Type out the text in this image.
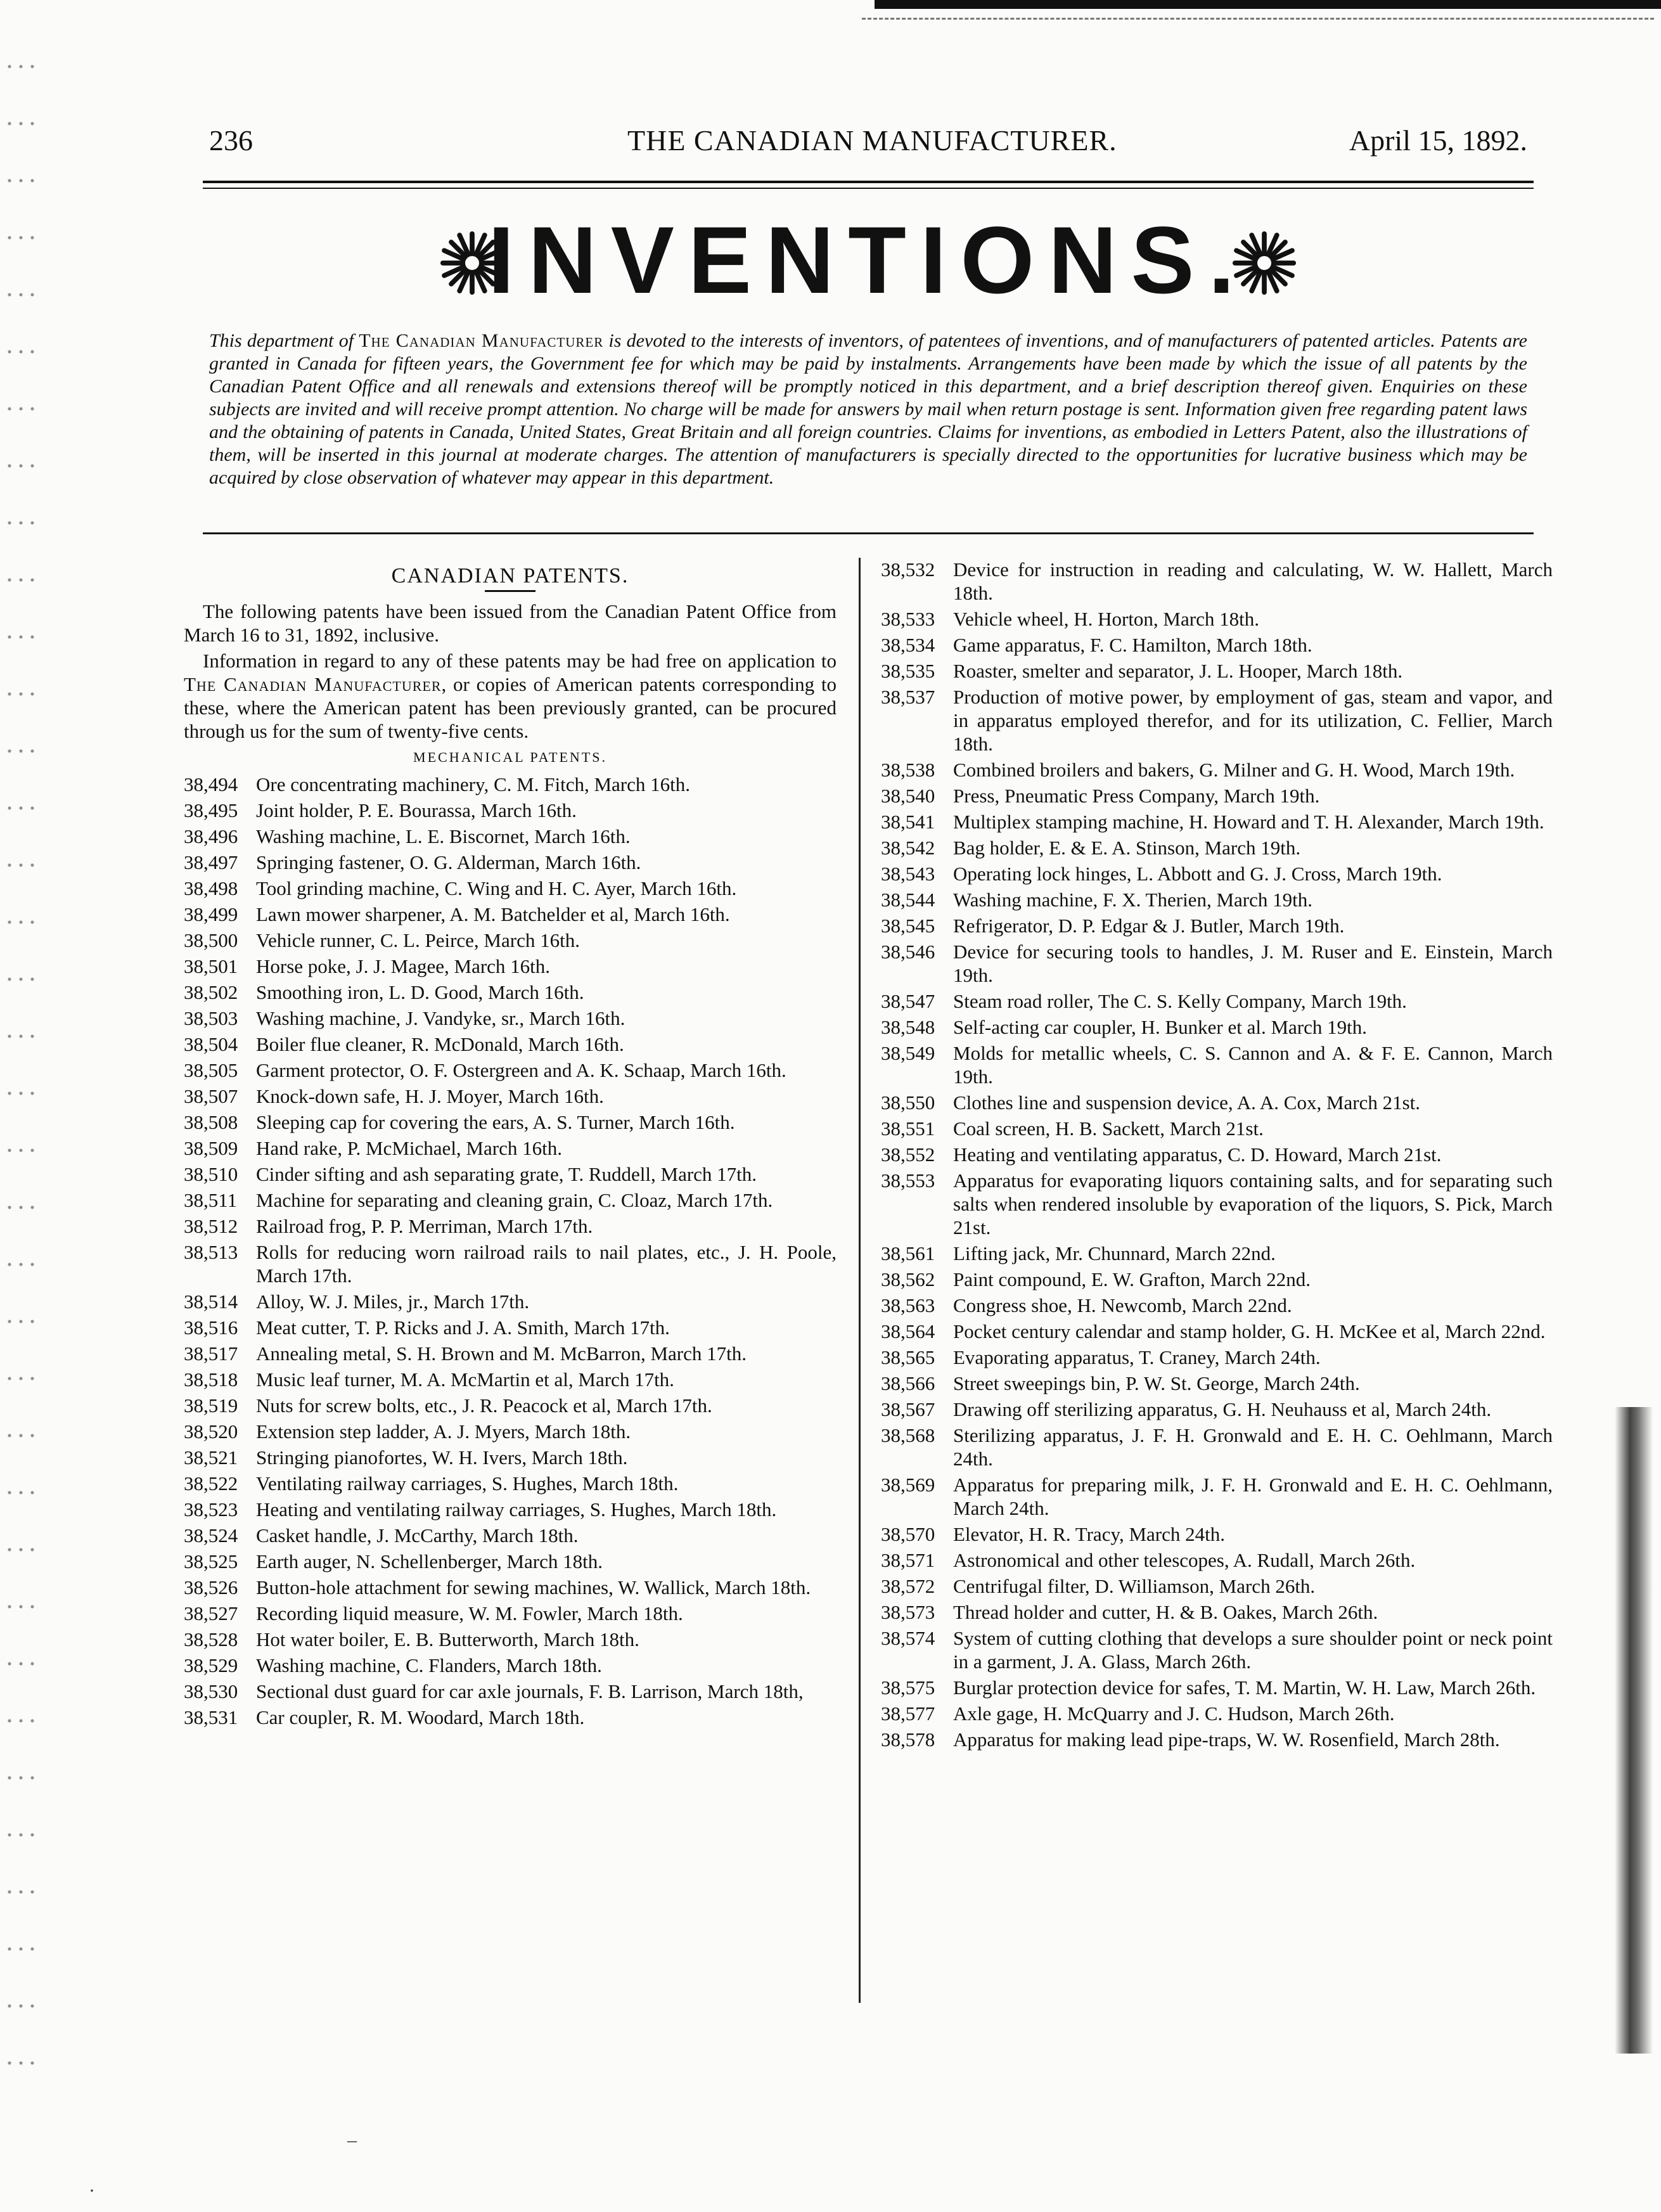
236	THE CANADIAN MANUFACTURER.	April 15, 1892.
INVENTIONS.

This department of The Canadian Manufacturer is devoted to the interests of inventors, of patentees of inventions, and of manufacturers of patented articles. Patents are granted in Canada for fifteen years, the Government fee for which may be paid by instalments. Arrangements have been made by which the issue of all patents by the Canadian Patent Office and all renewals and extensions thereof will be promptly noticed in this department, and a brief description thereof given. Enquiries on these subjects are invited and will receive prompt attention. No charge will be made for answers by mail when return postage is sent. Information given free regarding patent laws and the obtaining of patents in Canada, United States, Great Britain and all foreign countries. Claims for inventions, as embodied in Letters Patent, also the illustrations of them, will be inserted in this journal at moderate charges. The attention of manufacturers is specially directed to the opportunities for lucrative business which may be acquired by close observation of whatever may appear in this department.

CANADIAN PATENTS.

The following patents have been issued from the Canadian Patent Office from March 16 to 31, 1892, inclusive.

Information in regard to any of these patents may be had free on application to The Canadian Manufacturer, or copies of American patents corresponding to these, where the American patent has been previously granted, can be procured through us for the sum of twenty-five cents.

MECHANICAL PATENTS.
38,494 Ore concentrating machinery, C. M. Fitch, March 16th.
38,495 Joint holder, P. E. Bourassa, March 16th.
38,496 Washing machine, L. E. Biscornet, March 16th.
38,497 Springing fastener, O. G. Alderman, March 16th.
38,498 Tool grinding machine, C. Wing and H. C. Ayer, March 16th.
38,499 Lawn mower sharpener, A. M. Batchelder et al, March 16th.
38,500 Vehicle runner, C. L. Peirce, March 16th.
38,501 Horse poke, J. J. Magee, March 16th.
38,502 Smoothing iron, L. D. Good, March 16th.
38,503 Washing machine, J. Vandyke, sr., March 16th.
38,504 Boiler flue cleaner, R. McDonald, March 16th.
38,505 Garment protector, O. F. Ostergreen and A. K. Schaap, March 16th.
38,507 Knock-down safe, H. J. Moyer, March 16th.
38,508 Sleeping cap for covering the ears, A. S. Turner, March 16th.
38,509 Hand rake, P. McMichael, March 16th.
38,510 Cinder sifting and ash separating grate, T. Ruddell, March 17th.
38,511 Machine for separating and cleaning grain, C. Cloaz, March 17th.
38,512 Railroad frog, P. P. Merriman, March 17th.
38,513 Rolls for reducing worn railroad rails to nail plates, etc., J. H. Poole, March 17th.
38,514 Alloy, W. J. Miles, jr., March 17th.
38,516 Meat cutter, T. P. Ricks and J. A. Smith, March 17th.
38,517 Annealing metal, S. H. Brown and M. McBarron, March 17th.
38,518 Music leaf turner, M. A. McMartin et al, March 17th.
38,519 Nuts for screw bolts, etc., J. R. Peacock et al, March 17th.
38,520 Extension step ladder, A. J. Myers, March 18th.
38,521 Stringing pianofortes, W. H. Ivers, March 18th.
38,522 Ventilating railway carriages, S. Hughes, March 18th.
38,523 Heating and ventilating railway carriages, S. Hughes, March 18th.
38,524 Casket handle, J. McCarthy, March 18th.
38,525 Earth auger, N. Schellenberger, March 18th.
38,526 Button-hole attachment for sewing machines, W. Wallick, March 18th.
38,527 Recording liquid measure, W. M. Fowler, March 18th.
38,528 Hot water boiler, E. B. Butterworth, March 18th.
38,529 Washing machine, C. Flanders, March 18th.
38,530 Sectional dust guard for car axle journals, F. B. Larrison, March 18th,
38,531 Car coupler, R. M. Woodard, March 18th.
38,532 Device for instruction in reading and calculating, W. W. Hallett, March 18th.
38,533 Vehicle wheel, H. Horton, March 18th.
38,534 Game apparatus, F. C. Hamilton, March 18th.
38,535 Roaster, smelter and separator, J. L. Hooper, March 18th.
38,537 Production of motive power, by employment of gas, steam and vapor, and in apparatus employed therefor, and for its utilization, C. Fellier, March 18th.
38,538 Combined broilers and bakers, G. Milner and G. H. Wood, March 19th.
38,540 Press, Pneumatic Press Company, March 19th.
38,541 Multiplex stamping machine, H. Howard and T. H. Alexander, March 19th.
38,542 Bag holder, E. & E. A. Stinson, March 19th.
38,543 Operating lock hinges, L. Abbott and G. J. Cross, March 19th.
38,544 Washing machine, F. X. Therien, March 19th.
38,545 Refrigerator, D. P. Edgar & J. Butler, March 19th.
38,546 Device for securing tools to handles, J. M. Ruser and E. Einstein, March 19th.
38,547 Steam road roller, The C. S. Kelly Company, March 19th.
38,548 Self-acting car coupler, H. Bunker et al. March 19th.
38,549 Molds for metallic wheels, C. S. Cannon and A. & F. E. Cannon, March 19th.
38,550 Clothes line and suspension device, A. A. Cox, March 21st.
38,551 Coal screen, H. B. Sackett, March 21st.
38,552 Heating and ventilating apparatus, C. D. Howard, March 21st.
38,553 Apparatus for evaporating liquors containing salts, and for separating such salts when rendered insoluble by evaporation of the liquors, S. Pick, March 21st.
38,561 Lifting jack, Mr. Chunnard, March 22nd.
38,562 Paint compound, E. W. Grafton, March 22nd.
38,563 Congress shoe, H. Newcomb, March 22nd.
38,564 Pocket century calendar and stamp holder, G. H. McKee et al, March 22nd.
38,565 Evaporating apparatus, T. Craney, March 24th.
38,566 Street sweepings bin, P. W. St. George, March 24th.
38,567 Drawing off sterilizing apparatus, G. H. Neuhauss et al, March 24th.
38,568 Sterilizing apparatus, J. F. H. Gronwald and E. H. C. Oehlmann, March 24th.
38,569 Apparatus for preparing milk, J. F. H. Gronwald and E. H. C. Oehlmann, March 24th.
38,570 Elevator, H. R. Tracy, March 24th.
38,571 Astronomical and other telescopes, A. Rudall, March 26th.
38,572 Centrifugal filter, D. Williamson, March 26th.
38,573 Thread holder and cutter, H. & B. Oakes, March 26th.
38,574 System of cutting clothing that develops a sure shoulder point or neck point in a garment, J. A. Glass, March 26th.
38,575 Burglar protection device for safes, T. M. Martin, W. H. Law, March 26th.
38,577 Axle gage, H. McQuarry and J. C. Hudson, March 26th.
38,578 Apparatus for making lead pipe-traps, W. W. Rosenfield, March 28th.
–
·
